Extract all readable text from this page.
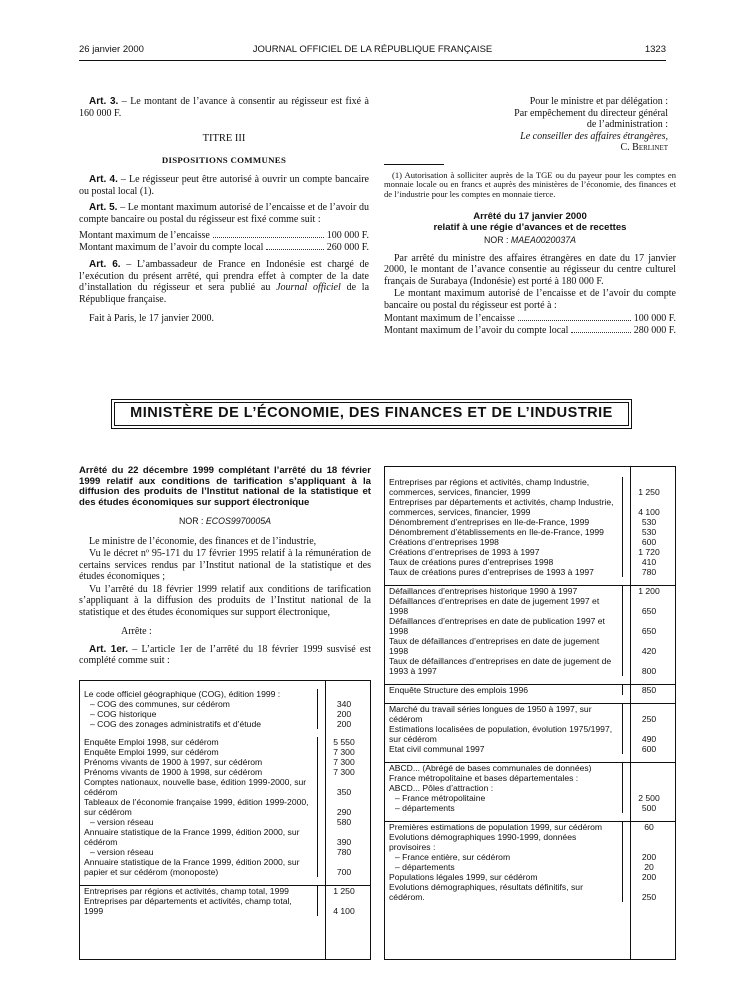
26 janvier 2000	JOURNAL OFFICIEL DE LA RÉPUBLIQUE FRANÇAISE	1323

Art. 3. – Le montant de l’avance à consentir au régisseur est fixé à 160 000 F.

TITRE III
DISPOSITIONS COMMUNES

Art. 4. – Le régisseur peut être autorisé à ouvrir un compte bancaire ou postal local (1).

Art. 5. – Le montant maximum autorisé de l’encaisse et de l’avoir du compte bancaire ou postal du régisseur est fixé comme suit :

Montant maximum de l’encaisse	100 000 F.
Montant maximum de l’avoir du compte local	260 000 F.

Art. 6. – L’ambassadeur de France en Indonésie est chargé de l’exécution du présent arrêté, qui prendra effet à compter de la date d’installation du régisseur et sera publié au Journal officiel de la République française.

Fait à Paris, le 17 janvier 2000.

Pour le ministre et par délégation :
Par empêchement du directeur général
de l’administration :
Le conseiller des affaires étrangères,
C. Berlinet
(1) Autorisation à solliciter auprès de la TGE ou du payeur pour les comptes en monnaie locale ou en francs et auprès des ministères de l’économie, des finances et de l’industrie pour les comptes en monnaie tierce.
Arrêté du 17 janvier 2000
relatif à une régie d’avances et de recettes
NOR : MAEA0020037A

Par arrêté du ministre des affaires étrangères en date du 17 janvier 2000, le montant de l’avance consentie au régisseur du centre culturel français de Surabaya (Indonésie) est porté à 180 000 F.

Le montant maximum autorisé de l’encaisse et de l’avoir du compte bancaire ou postal du régisseur est porté à :

Montant maximum de l’encaisse	100 000 F.
Montant maximum de l’avoir du compte local	280 000 F.
MINISTÈRE DE L’ÉCONOMIE, DES FINANCES ET DE L’INDUSTRIE
Arrêté du 22 décembre 1999 complétant l’arrêté du 18 février 1999 relatif aux conditions de tarification s’appliquant à la diffusion des produits de l’Institut national de la statistique et des études économiques sur support électronique
NOR : ECOS9970005A

Le ministre de l’économie, des finances et de l’industrie,

Vu le décret nº 95-171 du 17 février 1995 relatif à la rémunération de certains services rendus par l’Institut national de la statistique et des études économiques ;

Vu l’arrêté du 18 février 1999 relatif aux conditions de tarification s’appliquant à la diffusion des produits de l’Institut national de la statistique et des études économiques sur support électronique,

Arrête :

Art. 1er. – L’article 1er de l’arrêté du 18 février 1999 susvisé est complété comme suit :

Le code officiel géographique (COG), édition 1999 :	
– COG des communes, sur cédérom	340
– COG historique	200
– COG des zonages administratifs et d’étude	200

Enquête Emploi 1998, sur cédérom	5 550
Enquête Emploi 1999, sur cédérom	7 300
Prénoms vivants de 1900 à 1997, sur cédérom	7 300
Prénoms vivants de 1900 à 1998, sur cédérom	7 300
Comptes nationaux, nouvelle base, édition 1999-2000, sur cédérom	350
Tableaux de l’économie française 1999, édition 1999-2000, sur cédérom	290
– version réseau	580
Annuaire statistique de la France 1999, édition 2000, sur cédérom	390
– version réseau	780
Annuaire statistique de la France 1999, édition 2000, sur papier et sur cédérom (monoposte)	700

Entreprises par régions et activités, champ total, 1999	1 250
Entreprises par départements et activités, champ total, 1999	4 100
Entreprises par régions et activités, champ Industrie, commerces, services, financier, 1999	1 250
Entreprises par départements et activités, champ Industrie, commerces, services, financier, 1999	4 100
Dénombrement d’entreprises en Ile-de-France, 1999	530
Dénombrement d’établissements en Ile-de-France, 1999	530
Créations d’entreprises 1998	600
Créations d’entreprises de 1993 à 1997	1 720
Taux de créations pures d’entreprises 1998	410
Taux de créations pures d’entreprises de 1993 à 1997	780

Défaillances d’entreprises historique 1990 à 1997	1 200
Défaillances d’entreprises en date de jugement 1997 et 1998	650
Défaillances d’entreprises en date de publication 1997 et 1998	650
Taux de défaillances d’entreprises en date de jugement 1998	420
Taux de défaillances d’entreprises en date de jugement de 1993 à 1997	800

Enquête Structure des emplois 1996	850

Marché du travail séries longues de 1950 à 1997, sur cédérom	250
Estimations localisées de population, évolution 1975/1997, sur cédérom	490
Etat civil communal 1997	600

ABCD... (Abrégé de bases communales de données) France métropolitaine et bases départementales :	
ABCD... Pôles d’attraction :	
– France métropolitaine	2 500
– départements	500

Premières estimations de population 1999, sur cédérom	60
Evolutions démographiques 1990-1999, données provisoires :	
– France entière, sur cédérom	200
– départements	20
Populations légales 1999, sur cédérom	200
Evolutions démographiques, résultats définitifs, sur cédérom.	250
